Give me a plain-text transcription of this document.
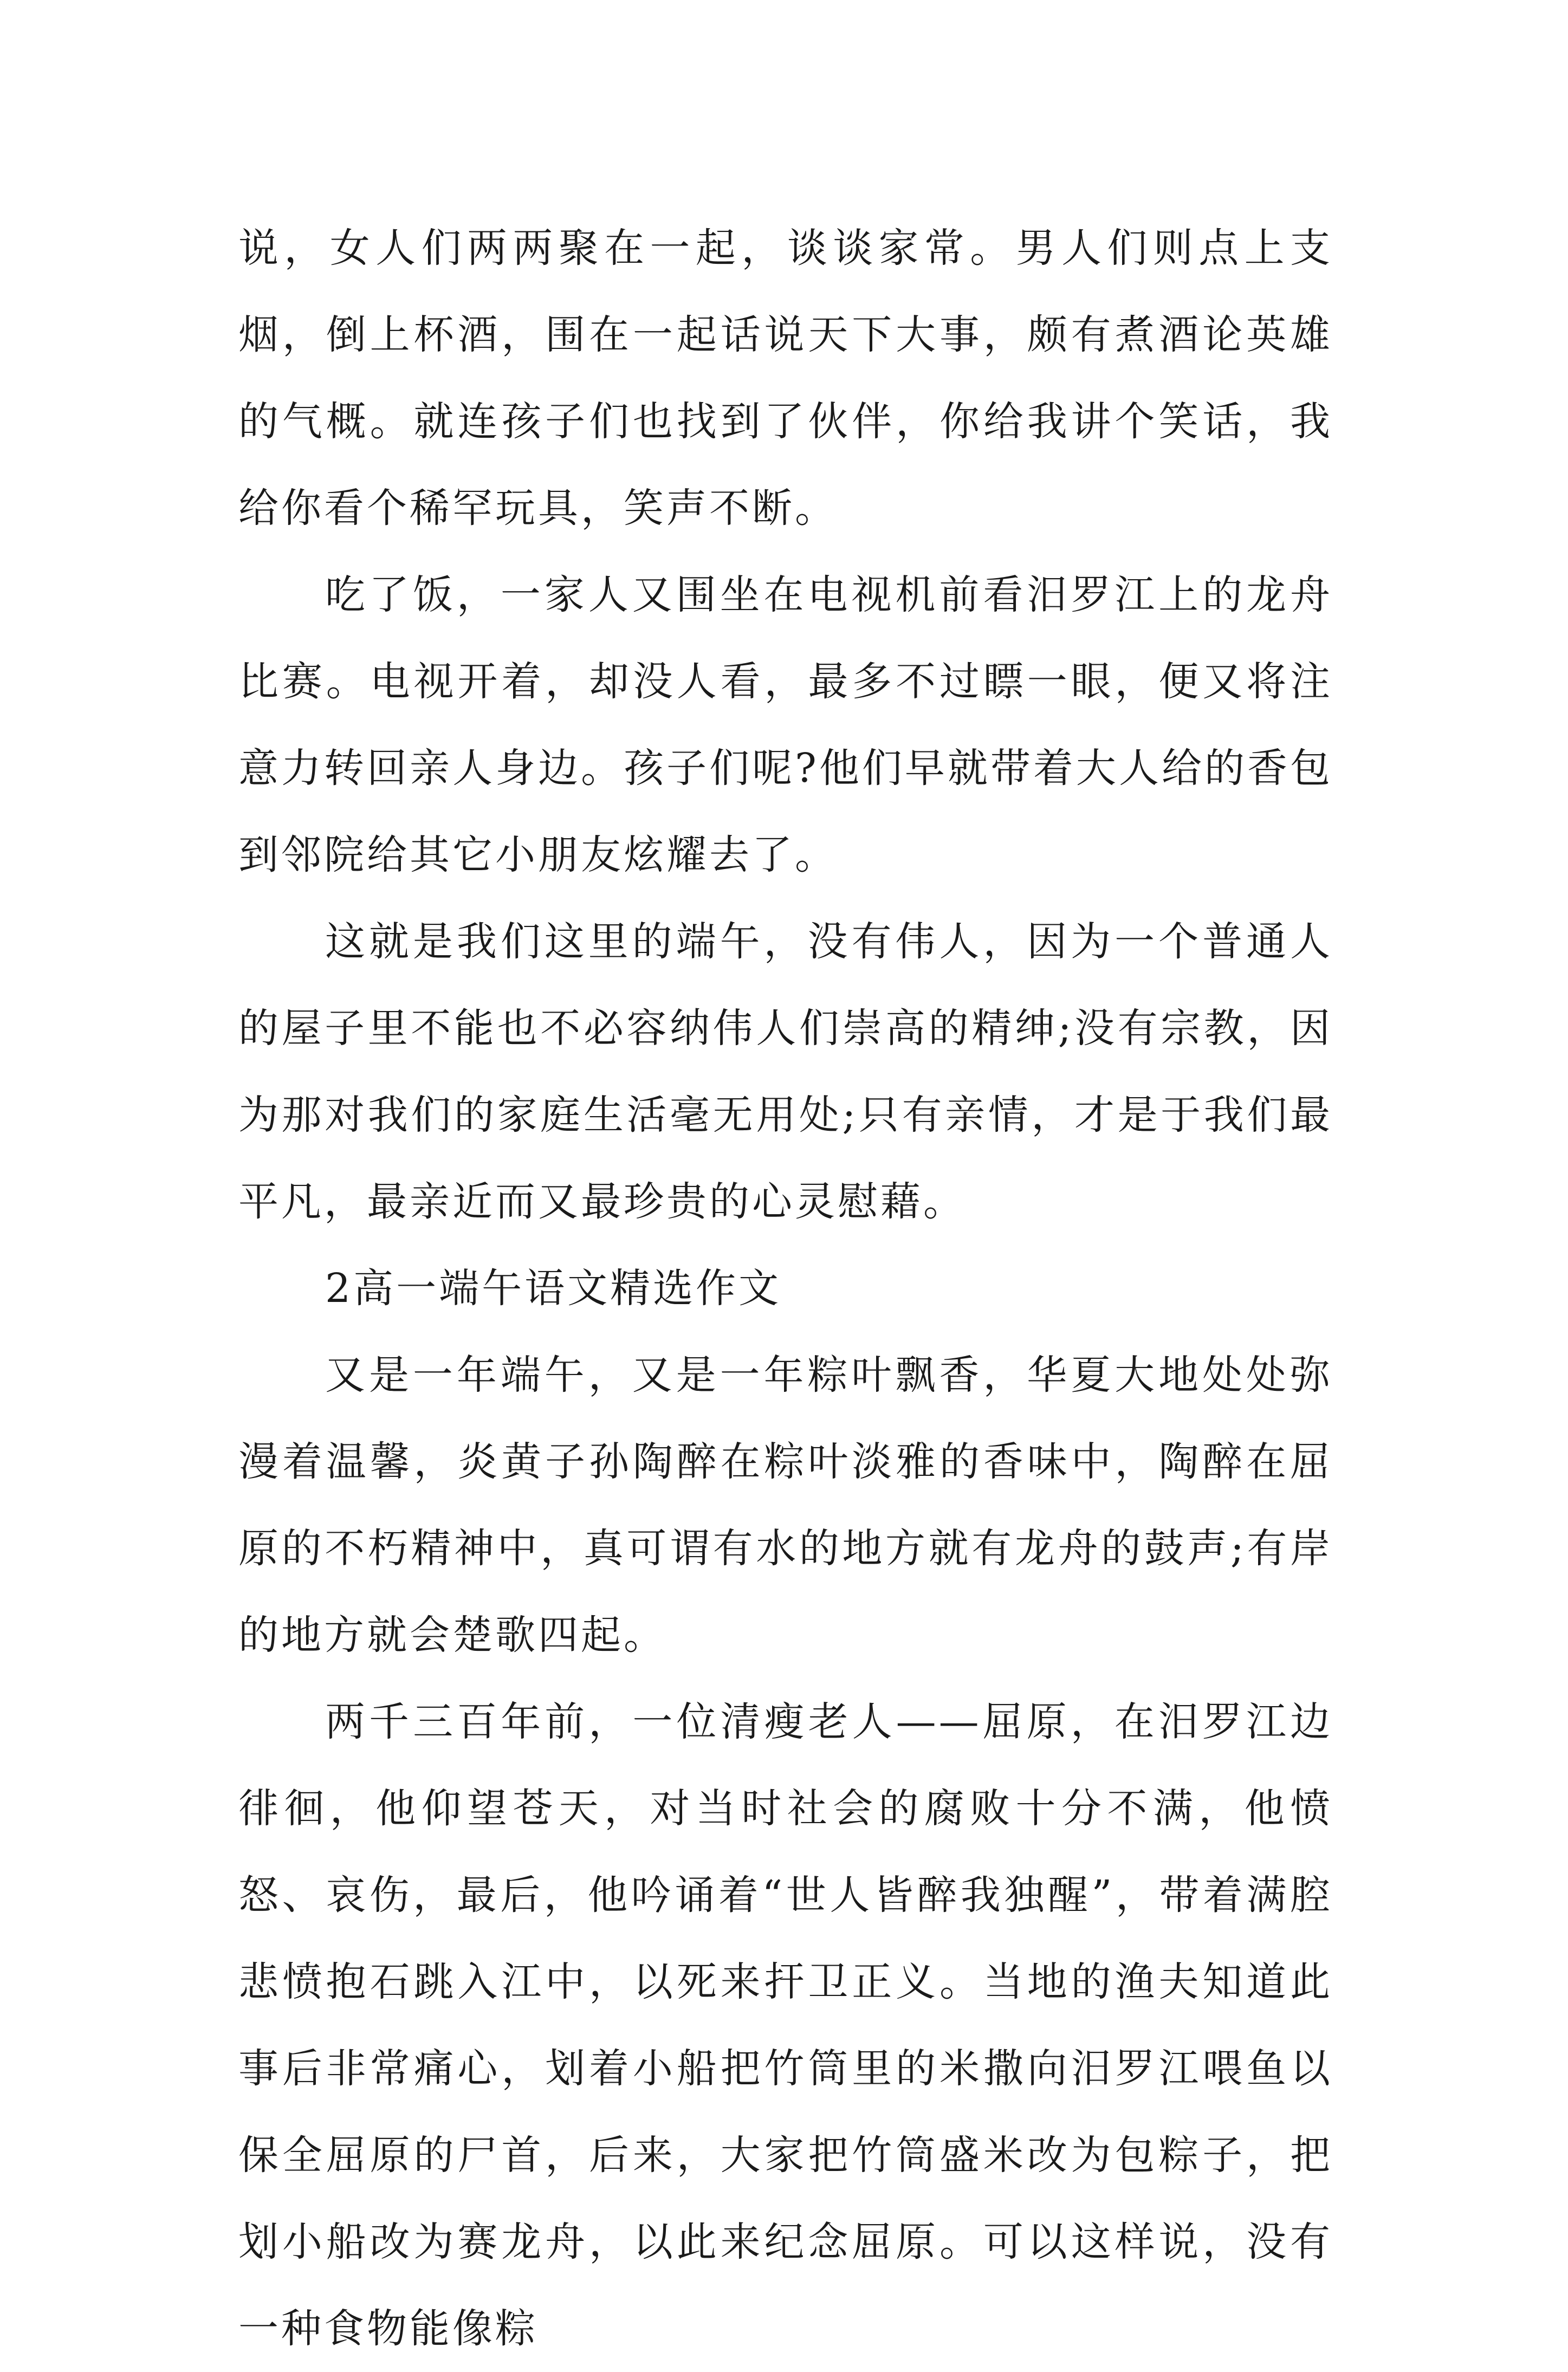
说，女人们两两聚在一起，谈谈家常。男人们则点上支烟，倒上杯酒，围在一起话说天下大事，颇有煮酒论英雄的气概。就连孩子们也找到了伙伴，你给我讲个笑话，我给你看个稀罕玩具，笑声不断。

吃了饭，一家人又围坐在电视机前看汨罗江上的龙舟比赛。电视开着，却没人看，最多不过瞟一眼，便又将注意力转回亲人身边。孩子们呢?他们早就带着大人给的香包到邻院给其它小朋友炫耀去了。

这就是我们这里的端午，没有伟人，因为一个普通人的屋子里不能也不必容纳伟人们崇高的精绅;没有宗教，因为那对我们的家庭生活毫无用处;只有亲情，才是于我们最平凡，最亲近而又最珍贵的心灵慰藉。

2高一端午语文精选作文

又是一年端午，又是一年粽叶飘香，华夏大地处处弥漫着温馨，炎黄子孙陶醉在粽叶淡雅的香味中，陶醉在屈原的不朽精神中，真可谓有水的地方就有龙舟的鼓声;有岸的地方就会楚歌四起。

两千三百年前，一位清瘦老人——屈原，在汨罗江边徘徊，他仰望苍天，对当时社会的腐败十分不满，他愤怒、哀伤，最后，他吟诵着“世人皆醉我独醒”，带着满腔悲愤抱石跳入江中，以死来扞卫正义。当地的渔夫知道此事后非常痛心，划着小船把竹筒里的米撒向汨罗江喂鱼以保全屈原的尸首，后来，大家把竹筒盛米改为包粽子，把划小船改为赛龙舟，以此来纪念屈原。可以这样说，没有一种食物能像粽
